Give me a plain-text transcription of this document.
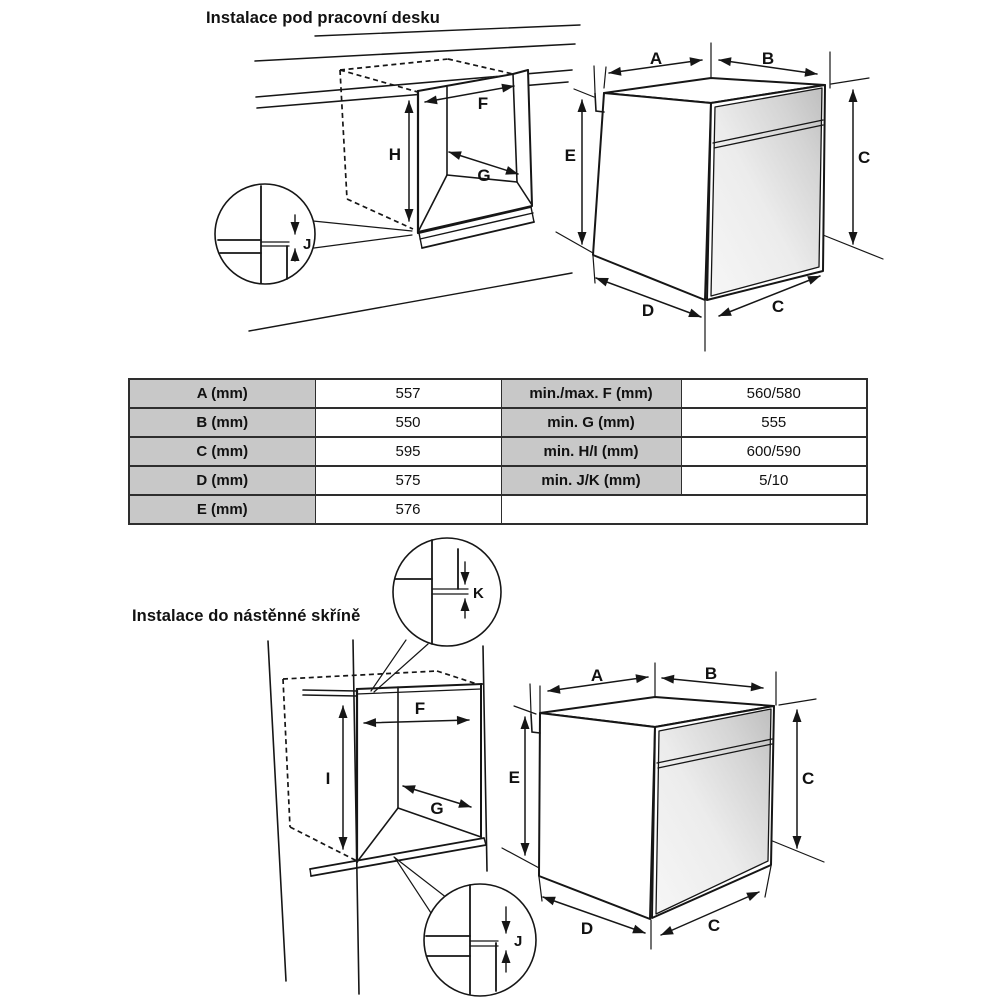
Instalace pod pracovní desku
Instalace do nástěnné skříně
F
H
G
J
A	B
E	C
D	C
F
I
G
K
J
A	B
E	C
D	C
A (mm)	557	min./max. F (mm)	560/580
B (mm)	550	min. G (mm)	555
C (mm)	595	min. H/I (mm)	600/590
D (mm)	575	min. J/K (mm)	5/10
E (mm)	576		
